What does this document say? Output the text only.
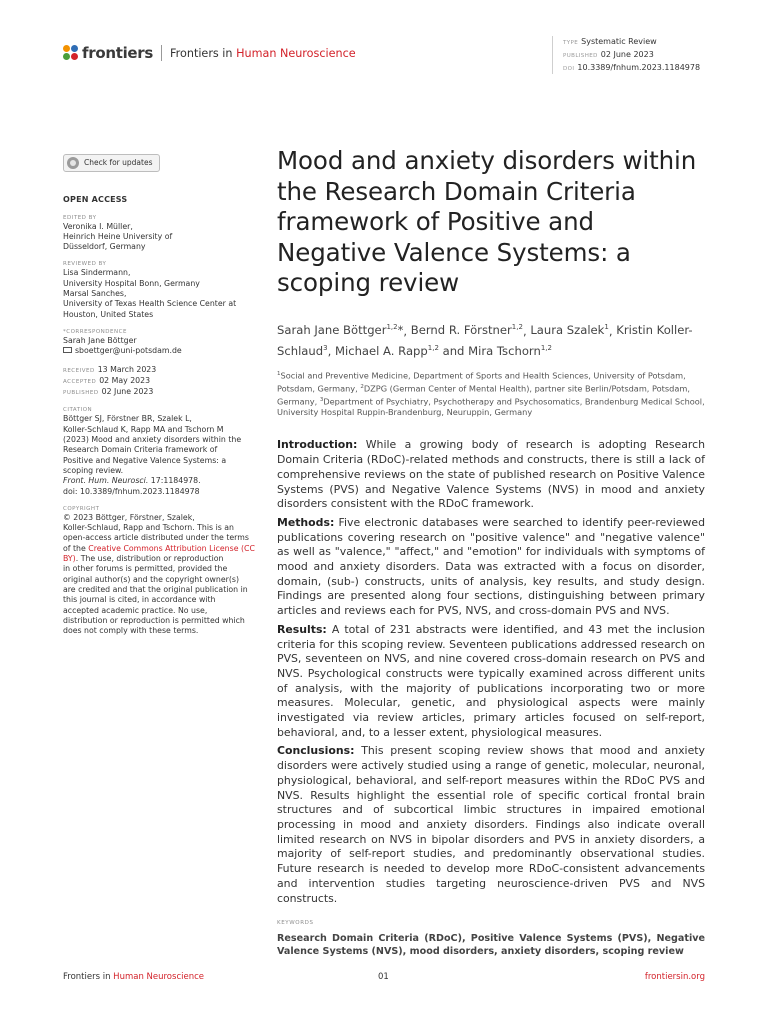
frontiers Frontiers in Human Neuroscience
TYPE Systematic Review
PUBLISHED 02 June 2023
DOI 10.3389/fnhum.2023.1184978
Check for updates
OPEN ACCESS
EDITED BY
Veronika I. Müller,
Heinrich Heine University of
Düsseldorf, Germany
REVIEWED BY
Lisa Sindermann,
University Hospital Bonn, Germany
Marsal Sanches,
University of Texas Health Science Center at
Houston, United States
*CORRESPONDENCE
Sarah Jane Böttger
sboettger@uni-potsdam.de
RECEIVED 13 March 2023
ACCEPTED 02 May 2023
PUBLISHED 02 June 2023
CITATION
Böttger SJ, Förstner BR, Szalek L,
Koller-Schlaud K, Rapp MA and Tschorn M
(2023) Mood and anxiety disorders within the
Research Domain Criteria framework of
Positive and Negative Valence Systems: a
scoping review.
Front. Hum. Neurosci. 17:1184978.
doi: 10.3389/fnhum.2023.1184978
COPYRIGHT
© 2023 Böttger, Förstner, Szalek,
Koller-Schlaud, Rapp and Tschorn. This is an
open-access article distributed under the terms
of the Creative Commons Attribution License (CC BY). The use, distribution or reproduction
in other forums is permitted, provided the
original author(s) and the copyright owner(s)
are credited and that the original publication in
this journal is cited, in accordance with
accepted academic practice. No use,
distribution or reproduction is permitted which
does not comply with these terms.
Mood and anxiety disorders within the Research Domain Criteria framework of Positive and Negative Valence Systems: a scoping review
Sarah Jane Böttger$^{1,2}$*, Bernd R. Förstner$^{1,2}$, Laura Szalek$^1$, Kristin Koller-Schlaud$^3$, Michael A. Rapp$^{1,2}$ and Mira Tschorn$^{1,2}$
$^1$Social and Preventive Medicine, Department of Sports and Health Sciences, University of Potsdam, Potsdam, Germany, $^2$DZPG (German Center of Mental Health), partner site Berlin/Potsdam, Potsdam, Germany, $^3$Department of Psychiatry, Psychotherapy and Psychosomatics, Brandenburg Medical School, University Hospital Ruppin-Brandenburg, Neuruppin, Germany

Introduction: While a growing body of research is adopting Research Domain Criteria (RDoC)-related methods and constructs, there is still a lack of comprehensive reviews on the state of published research on Positive Valence Systems (PVS) and Negative Valence Systems (NVS) in mood and anxiety disorders consistent with the RDoC framework.

Methods: Five electronic databases were searched to identify peer-reviewed publications covering research on "positive valence" and "negative valence" as well as "valence," "affect," and "emotion" for individuals with symptoms of mood and anxiety disorders. Data was extracted with a focus on disorder, domain, (sub-) constructs, units of analysis, key results, and study design. Findings are presented along four sections, distinguishing between primary articles and reviews each for PVS, NVS, and cross-domain PVS and NVS.

Results: A total of 231 abstracts were identified, and 43 met the inclusion criteria for this scoping review. Seventeen publications addressed research on PVS, seventeen on NVS, and nine covered cross-domain research on PVS and NVS. Psychological constructs were typically examined across different units of analysis, with the majority of publications incorporating two or more measures. Molecular, genetic, and physiological aspects were mainly investigated via review articles, primary articles focused on self-report, behavioral, and, to a lesser extent, physiological measures.

Conclusions: This present scoping review shows that mood and anxiety disorders were actively studied using a range of genetic, molecular, neuronal, physiological, behavioral, and self-report measures within the RDoC PVS and NVS. Results highlight the essential role of specific cortical frontal brain structures and of subcortical limbic structures in impaired emotional processing in mood and anxiety disorders. Findings also indicate overall limited research on NVS in bipolar disorders and PVS in anxiety disorders, a majority of self-report studies, and predominantly observational studies. Future research is needed to develop more RDoC-consistent advancements and intervention studies targeting neuroscience-driven PVS and NVS constructs.

KEYWORDS
Research Domain Criteria (RDoC), Positive Valence Systems (PVS), Negative Valence Systems (NVS), mood disorders, anxiety disorders, scoping review
Frontiers in Human Neuroscience	01	frontiersin.org
